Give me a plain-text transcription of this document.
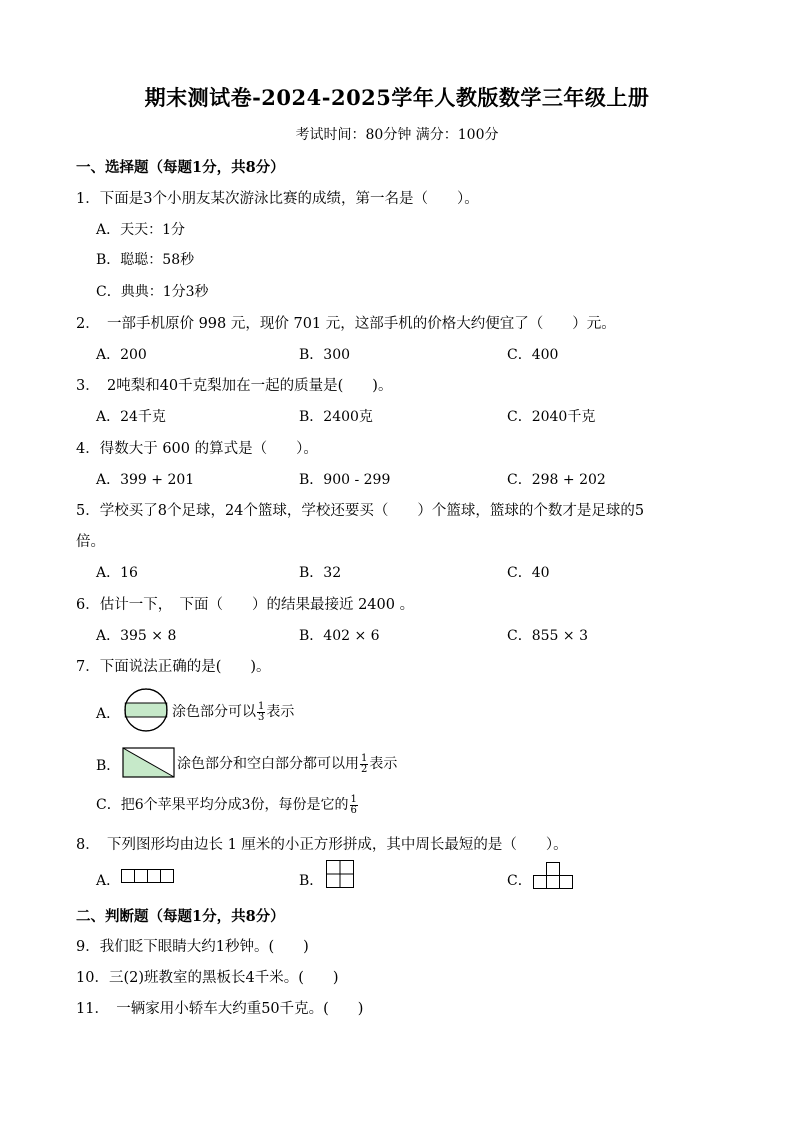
期末测试卷-2024-2025学年人教版数学三年级上册
考试时间：80分钟 满分：100分
一、选择题（每题1分，共8分）
1．下面是3个小朋友某次游泳比赛的成绩，第一名是（　　）。
A．天天：1分
B．聪聪：58秒
C．典典：1分3秒
2．　一部手机原价 998 元，现价 701 元，这部手机的价格大约便宜了（　　）元。
A．200	B．300	C．400
3．　2吨梨和40千克梨加在一起的质量是(　　)。
A．24千克	B．2400克	C．2040千克
4．得数大于 600 的算式是（　　）。
A．399 + 201	B．900 - 299	C．298 + 202
5．学校买了8个足球，24个篮球，学校还要买（　　）个篮球，篮球的个数才是足球的5
倍。
A．16	B．32	C．40
6．估计一下，　下面（　　）的结果最接近 2400 。
A．395 × 8	B．402 × 6	C．855 × 3
7．下面说法正确的是(　　)。
A．	涂色部分可以 $\frac{1}{3}$ 表示
B．	涂色部分和空白部分都可以用 $\frac{1}{2}$ 表示
C．把6个苹果平均分成3份，每份是它的 $\frac{1}{6}$
8．　下列图形均由边长 1 厘米的小正方形拼成，其中周长最短的是（　　）。
A．	B．	C．
二、判断题（每题1分，共8分）
9．我们眨下眼睛大约1秒钟。(　　)
10．三(2)班教室的黑板长4千米。(　　)
11．　一辆家用小轿车大约重50千克。(　　)
